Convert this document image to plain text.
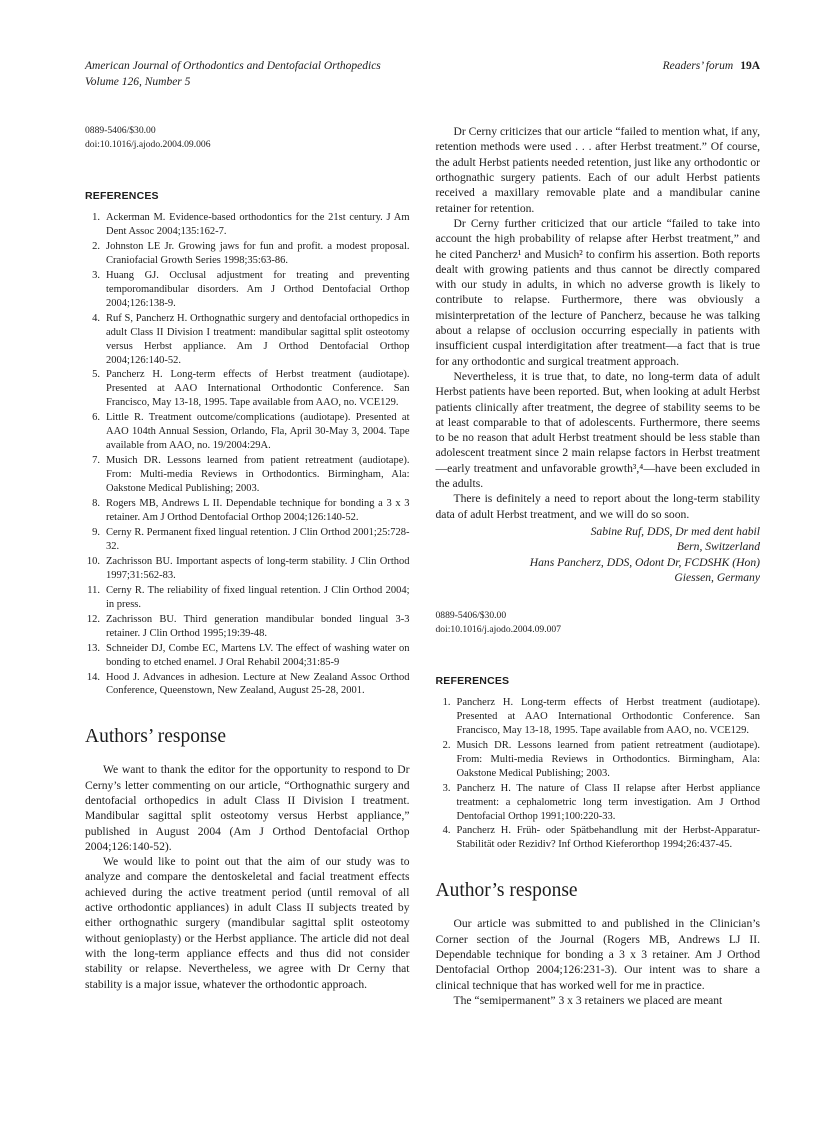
American Journal of Orthodontics and Dentofacial Orthopedics
Volume 126, Number 5
Readers’ forum 19A
0889-5406/$30.00
doi:10.1016/j.ajodo.2004.09.006
REFERENCES
Ackerman M. Evidence-based orthodontics for the 21st century. J Am Dent Assoc 2004;135:162-7.
Johnston LE Jr. Growing jaws for fun and profit. a modest proposal. Craniofacial Growth Series 1998;35:63-86.
Huang GJ. Occlusal adjustment for treating and preventing temporomandibular disorders. Am J Orthod Dentofacial Orthop 2004;126:138-9.
Ruf S, Pancherz H. Orthognathic surgery and dentofacial orthopedics in adult Class II Division I treatment: mandibular sagittal split osteotomy versus Herbst appliance. Am J Orthod Dentofacial Orthop 2004;126:140-52.
Pancherz H. Long-term effects of Herbst treatment (audiotape). Presented at AAO International Orthodontic Conference. San Francisco, May 13-18, 1995. Tape available from AAO, no. VCE129.
Little R. Treatment outcome/complications (audiotape). Presented at AAO 104th Annual Session, Orlando, Fla, April 30-May 3, 2004. Tape available from AAO, no. 19/2004:29A.
Musich DR. Lessons learned from patient retreatment (audiotape). From: Multi-media Reviews in Orthodontics. Birmingham, Ala: Oakstone Medical Publishing; 2003.
Rogers MB, Andrews L II. Dependable technique for bonding a 3 x 3 retainer. Am J Orthod Dentofacial Orthop 2004;126:140-52.
Cerny R. Permanent fixed lingual retention. J Clin Orthod 2001;25:728-32.
Zachrisson BU. Important aspects of long-term stability. J Clin Orthod 1997;31:562-83.
Cerny R. The reliability of fixed lingual retention. J Clin Orthod 2004; in press.
Zachrisson BU. Third generation mandibular bonded lingual 3-3 retainer. J Clin Orthod 1995;19:39-48.
Schneider DJ, Combe EC, Martens LV. The effect of washing water on bonding to etched enamel. J Oral Rehabil 2004;31:85-9
Hood J. Advances in adhesion. Lecture at New Zealand Assoc Orthod Conference, Queenstown, New Zealand, August 25-28, 2001.
Authors’ response

We want to thank the editor for the opportunity to respond to Dr Cerny’s letter commenting on our article, “Orthognathic surgery and dentofacial orthopedics in adult Class II Division I treatment. Mandibular sagittal split osteotomy versus Herbst appliance,” published in August 2004 (Am J Orthod Dentofacial Orthop 2004;126:140-52).

We would like to point out that the aim of our study was to analyze and compare the dentoskeletal and facial treatment effects achieved during the active treatment period (until removal of all active orthodontic appliances) in adult Class II subjects treated by either orthognathic surgery (mandibular sagittal split osteotomy without genioplasty) or the Herbst appliance. The article did not deal with the long-term appliance effects and thus did not consider stability or relapse. Nevertheless, we agree with Dr Cerny that stability is a major issue, whatever the orthodontic approach.

Dr Cerny criticizes that our article “failed to mention what, if any, retention methods were used . . . after Herbst treatment.” Of course, the adult Herbst patients needed retention, just like any orthodontic or orthognathic surgery patients. Each of our adult Herbst patients received a maxillary removable plate and a mandibular canine retainer for retention.

Dr Cerny further criticized that our article “failed to take into account the high probability of relapse after Herbst treatment,” and he cited Pancherz¹ and Musich² to confirm his assertion. Both reports dealt with growing patients and thus cannot be directly compared with our study in adults, in which no adverse growth is likely to contribute to relapse. Furthermore, there was obviously a misinterpretation of the lecture of Pancherz, because he was talking about a relapse of occlusion occurring especially in patients with insufficient cuspal interdigitation after treatment—a fact that is true for any orthodontic and surgical treatment approach.

Nevertheless, it is true that, to date, no long-term data of adult Herbst patients have been reported. But, when looking at adult Herbst patients clinically after treatment, the degree of stability seems to be at least comparable to that of adolescents. Furthermore, there seems to be no reason that adult Herbst treatment should be less stable than adolescent treatment since 2 main relapse factors in Herbst treatment—early treatment and unfavorable growth³,⁴—have been excluded in the adults.

There is definitely a need to report about the long-term stability data of adult Herbst treatment, and we will do so soon.

Sabine Ruf, DDS, Dr med dent habil
Bern, Switzerland
Hans Pancherz, DDS, Odont Dr, FCDSHK (Hon)
Giessen, Germany
0889-5406/$30.00
doi:10.1016/j.ajodo.2004.09.007
REFERENCES
Pancherz H. Long-term effects of Herbst treatment (audiotape). Presented at AAO International Orthodontic Conference. San Francisco, May 13-18, 1995. Tape available from AAO, no. VCE129.
Musich DR. Lessons learned from patient retreatment (audiotape). From: Multi-media Reviews in Orthodontics. Birmingham, Ala: Oakstone Medical Publishing; 2003.
Pancherz H. The nature of Class II relapse after Herbst appliance treatment: a cephalometric long term investigation. Am J Orthod Dentofacial Orthop 1991;100:220-33.
Pancherz H. Früh- oder Spätbehandlung mit der Herbst-Apparatur-Stabilität oder Rezidiv? Inf Orthod Kieferorthop 1994;26:437-45.
Author’s response

Our article was submitted to and published in the Clinician’s Corner section of the Journal (Rogers MB, Andrews LJ II. Dependable technique for bonding a 3 x 3 retainer. Am J Orthod Dentofacial Orthop 2004;126:231-3). Our intent was to share a clinical technique that has worked well for me in practice.

The “semipermanent” 3 x 3 retainers we placed are meant
